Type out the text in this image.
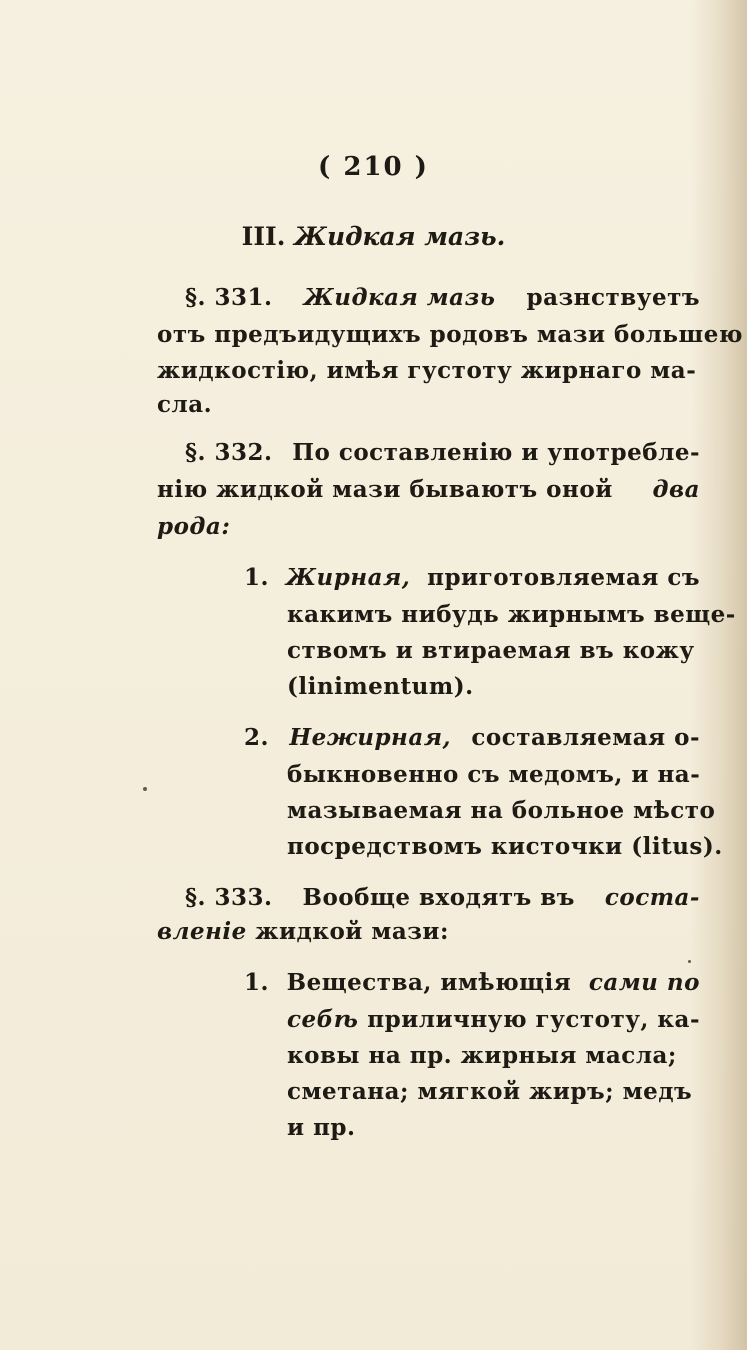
( 210 )
III. Жидкая мазь.
§. 331. Жидкая мазь разнствуетъ
отъ предъидущихъ родовъ мази большею
жидкостiю, имѣя густоту жирнаго ма-
сла.
§. 332. По составленiю и употребле-
нiю жидкой мази бываютъ оной два
рода:
1. Жирная, приготовляемая съ
какимъ нибудь жирнымъ веще-
ствомъ и втираемая въ кожу
(linimentum).
2. Нежирная, составляемая о-
быкновенно съ медомъ, и на-
мазываемая на больное мѣсто
посредствомъ кисточки (litus).
§. 333. Вообще входятъ въ соста-
вленiе жидкой мази:
1. Вещества, имѣющiя сами по
себѣ приличную густоту, ка-
ковы на пр. жирныя масла;
сметана; мягкой жиръ; медъ
и пр.
